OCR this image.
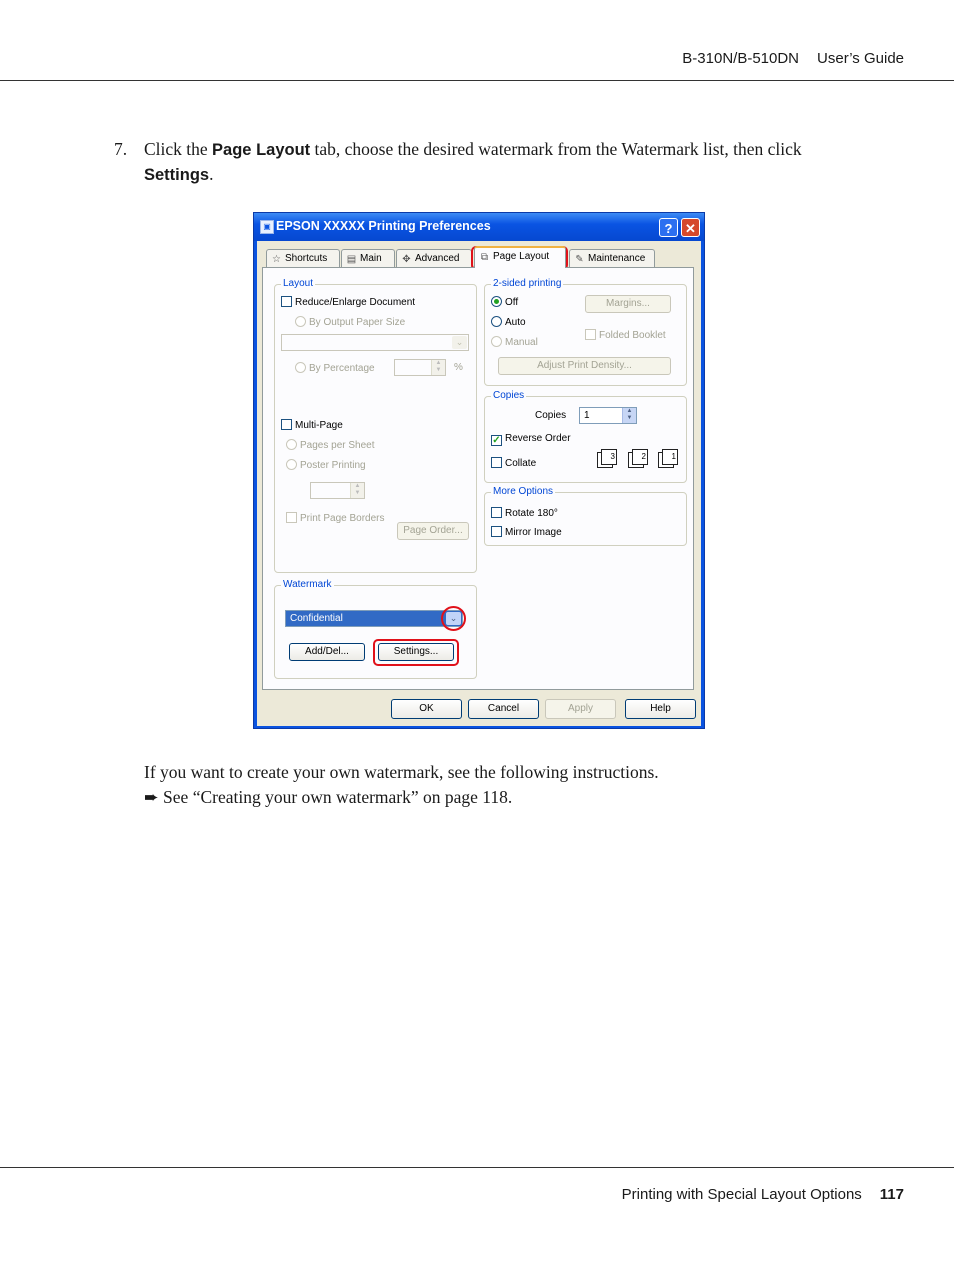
B-310N/B-510DN User’s Guide
7. Click the Page Layout tab, choose the desired watermark from the Watermark list, then click
Settings.
▣ EPSON XXXXX Printing Preferences	? ✕
☆ Shortcuts	▤ Main	✥ Advanced	⧉ Page Layout	✎ Maintenance
Layout
Reduce/Enlarge Document
By Output Paper Size
⌄
By Percentage	▲
▼	%
Multi-Page
Pages per Sheet
Poster Printing
▲
▼
Print Page Borders
Page Order...
2-sided printing
Off
Auto
Manual
Margins...
Folded Booklet
Adjust Print Density...
Copies
Copies	1	▲
▼
✓ Reverse Order
Collate
3	2	1
More Options
Rotate 180°
Mirror Image
Watermark
Confidential	⌄
Add/Del...	Settings...
OK	Cancel	Apply	Help
If you want to create your own watermark, see the following instructions.
➨ See “Creating your own watermark” on page 118.
Printing with Special Layout Options 117
